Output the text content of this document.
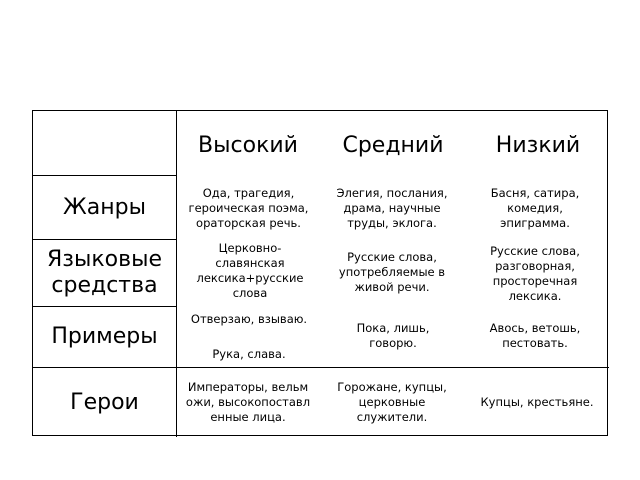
Высокий	Средний	Низкий
Жанры
Языковые средства
Примеры
Герои
Ода, трагедия, героическая поэма, ораторская речь.
Элегия, послания, драма, научные труды, эклога.
Басня, сатира, комедия, эпиграмма.
Церковно-славянская лексика+русские слова
Русские слова, употребляемые в живой речи.
Русские слова, разговорная, просторечная лексика.
Отверзаю, взываю.
Рука, слава.
Пока, лишь, говорю.
Авось, ветошь, пестовать.
Императоры, вельможи, высокопоставленные лица.
Горожане, купцы, церковные служители.
Купцы, крестьяне.
